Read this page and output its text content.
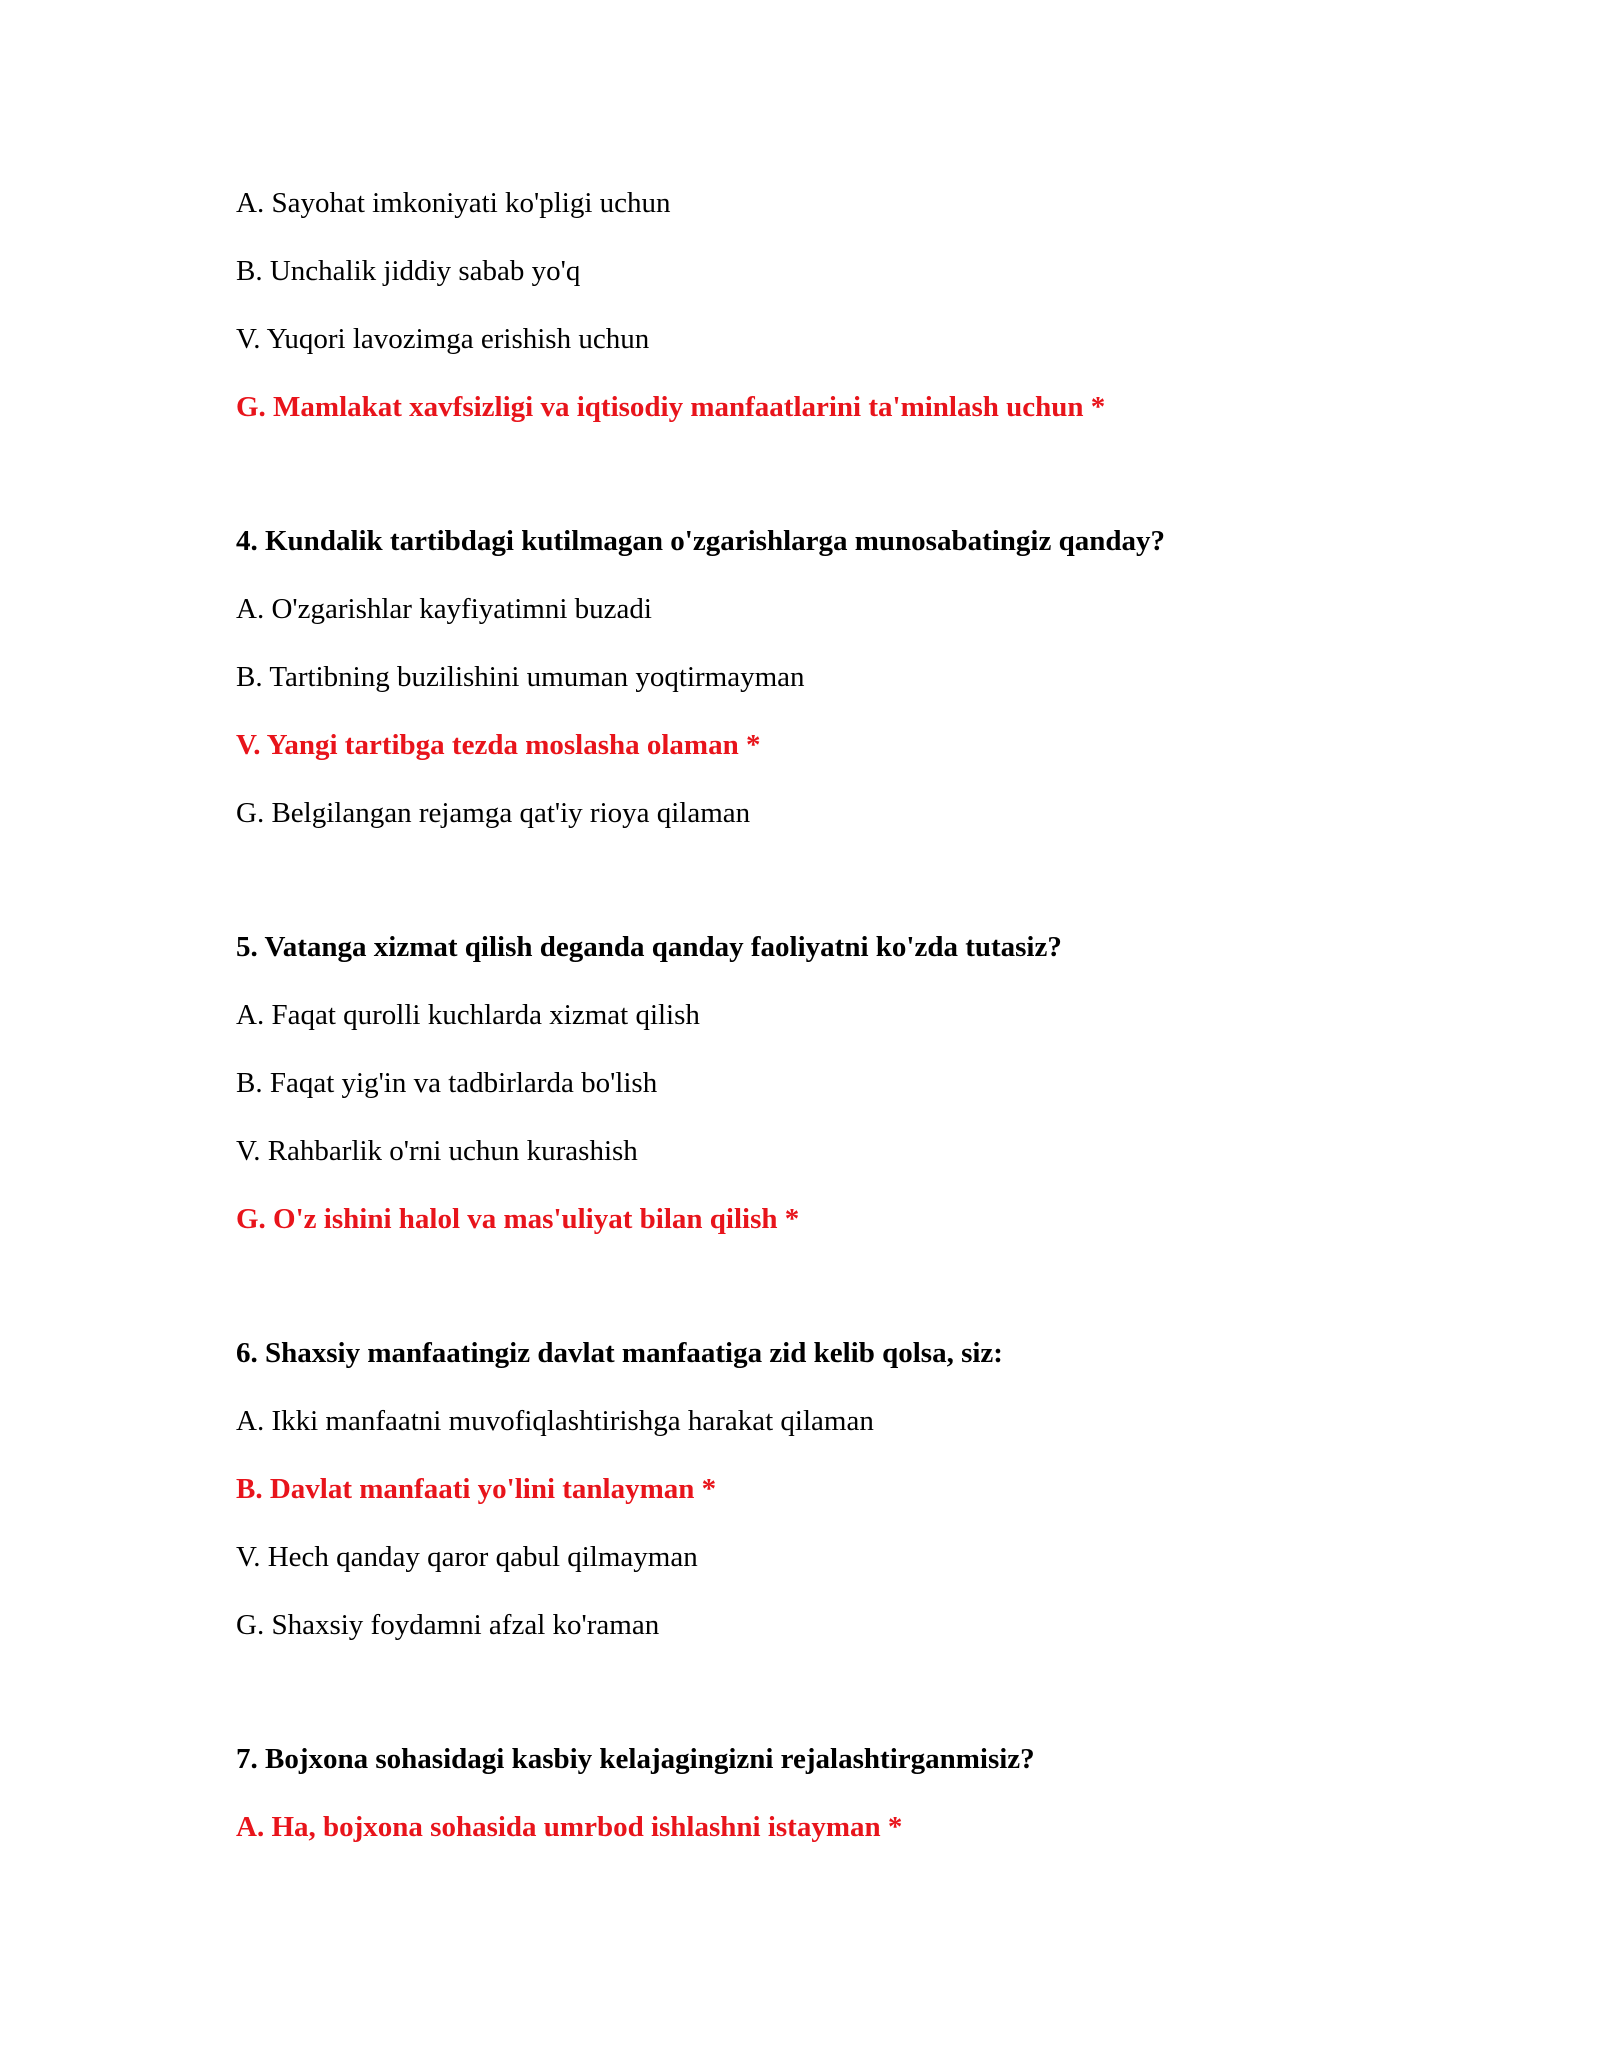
A. Sayohat imkoniyati ko'pligi uchun
B. Unchalik jiddiy sabab yo'q
V. Yuqori lavozimga erishish uchun
G. Mamlakat xavfsizligi va iqtisodiy manfaatlarini ta'minlash uchun *
4. Kundalik tartibdagi kutilmagan o'zgarishlarga munosabatingiz qanday?
A. O'zgarishlar kayfiyatimni buzadi
B. Tartibning buzilishini umuman yoqtirmayman
V. Yangi tartibga tezda moslasha olaman *
G. Belgilangan rejamga qat'iy rioya qilaman
5. Vatanga xizmat qilish deganda qanday faoliyatni ko'zda tutasiz?
A. Faqat qurolli kuchlarda xizmat qilish
B. Faqat yig'in va tadbirlarda bo'lish
V. Rahbarlik o'rni uchun kurashish
G. O'z ishini halol va mas'uliyat bilan qilish *
6. Shaxsiy manfaatingiz davlat manfaatiga zid kelib qolsa, siz:
A. Ikki manfaatni muvofiqlashtirishga harakat qilaman
B. Davlat manfaati yo'lini tanlayman *
V. Hech qanday qaror qabul qilmayman
G. Shaxsiy foydamni afzal ko'raman
7. Bojxona sohasidagi kasbiy kelajagingizni rejalashtirganmisiz?
A. Ha, bojxona sohasida umrbod ishlashni istayman *
